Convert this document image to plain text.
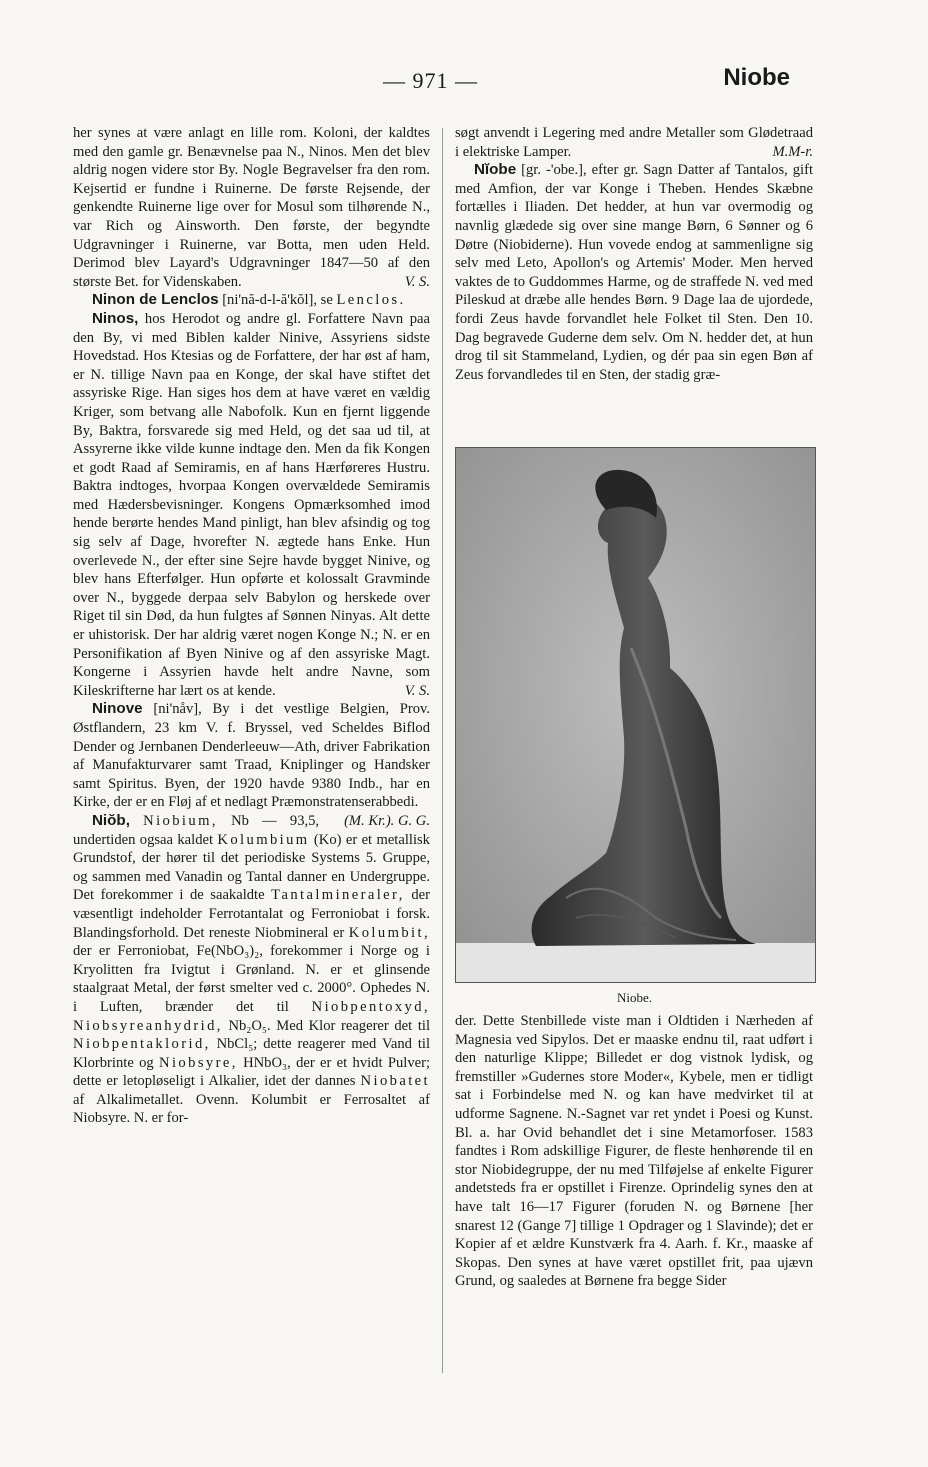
— 971 —	Niobe

her synes at være anlagt en lille rom. Koloni, der kaldtes med den gamle gr. Benævnelse paa N., Ninos. Men det blev aldrig nogen videre stor By. Nogle Begravelser fra den rom. Kejsertid er fundne i Ruinerne. De første Rejsende, der genkendte Ruinerne lige over for Mosul som tilhørende N., var Rich og Ainsworth. Den første, der begyndte Udgravninger i Ruinerne, var Botta, men uden Held. Derimod blev Layard's Udgravninger 1847—50 af den største Bet. for Videnskaben.	V. S.

Ninon de Lenclos [ni'nă-d-l-ă'kŏl], se Lenclos.

Ninos, hos Herodot og andre gl. Forfattere Navn paa den By, vi med Biblen kalder Ninive, Assyriens sidste Hovedstad. Hos Ktesias og de Forfattere, der har øst af ham, er N. tillige Navn paa en Konge, der skal have stiftet det assyriske Rige. Han siges hos dem at have været en vældig Kriger, som betvang alle Nabofolk. Kun en fjernt liggende By, Baktra, forsvarede sig med Held, og det saa ud til, at Assyrerne ikke vilde kunne indtage den. Men da fik Kongen et godt Raad af Semiramis, en af hans Hærføreres Hustru. Baktra indtoges, hvorpaa Kongen overvældede Semiramis med Hædersbevisninger. Kongens Opmærksomhed imod hende berørte hendes Mand pinligt, han blev afsindig og tog sig selv af Dage, hvorefter N. ægtede hans Enke. Hun overlevede N., der efter sine Sejre havde bygget Ninive, og blev hans Efterfølger. Hun opførte et kolossalt Gravminde over N., byggede derpaa selv Babylon og herskede over Riget til sin Død, da hun fulgtes af Sønnen Ninyas. Alt dette er uhistorisk. Der har aldrig været nogen Konge N.; N. er en Personifikation af Byen Ninive og af den assyriske Magt. Kongerne i Assyrien havde helt andre Navne, som Kileskrifterne har lært os at kende.	V. S.

Ninove [ni'nåv], By i det vestlige Belgien, Prov. Østflandern, 23 km V. f. Bryssel, ved Scheldes Biflod Dender og Jernbanen Denderleeuw—Ath, driver Fabrikation af Manufakturvarer samt Traad, Kniplinger og Handsker samt Spiritus. Byen, der 1920 havde 9380 Indb., har en Kirke, der er en Fløj af et nedlagt Præmonstratenserabbedi.
(M. Kr.). G. G.

Niŏb, Niobium, Nb — 93,5, undertiden ogsaa kaldet Kolumbium (Ko) er et metallisk Grundstof, der hører til det periodiske Systems 5. Gruppe, og sammen med Vanadin og Tantal danner en Undergruppe. Det forekommer i de saakaldte Tantalmineraler, der væsentligt indeholder Ferrotantalat og Ferroniobat i forsk. Blandingsforhold. Det reneste Niobmineral er Kolumbit, der er Ferroniobat, Fe(NbO₃)₂, forekommer i Norge og i Kryolitten fra Ivigtut i Grønland. N. er et glinsende staalgraat Metal, der først smelter ved c. 2000°. Ophedes N. i Luften, brænder det til Niobpentoxyd, Niobsyreanhydrid, Nb₂O₅. Med Klor reagerer det til Niobpentaklorid, NbCl₅; dette reagerer med Vand til Klorbrinte og Niobsyre, HNbO₃, der er et hvidt Pulver; dette er letopløseligt i Alkalier, idet der dannes Niobatet af Alkalimetallet. Ovenn. Kolumbit er Ferrosaltet af Niobsyre. N. er for-

søgt anvendt i Legering med andre Metaller som Glødetraad i elektriske Lamper.	M.M-r.

Nĭobe [gr. -'obe.], efter gr. Sagn Datter af Tantalos, gift med Amfion, der var Konge i Theben. Hendes Skæbne fortælles i Iliaden. Det hedder, at hun var overmodig og navnlig glædede sig over sine mange Børn, 6 Sønner og 6 Døtre (Niobiderne). Hun vovede endog at sammenligne sig selv med Leto, Apollon's og Artemis' Moder. Men herved vaktes de to Guddommes Harme, og de straffede N. ved med Pileskud at dræbe alle hendes Børn. 9 Dage laa de ujordede, fordi Zeus havde forvandlet hele Folket til Sten. Den 10. Dag begravede Guderne dem selv. Om N. hedder det, at hun drog til sit Stammeland, Lydien, og dér paa sin egen Bøn af Zeus forvandledes til en Sten, der stadig græ-

Niobe.

der. Dette Stenbillede viste man i Oldtiden i Nærheden af Magnesia ved Sipylos. Det er maaske endnu til, raat udført i den naturlige Klippe; Billedet er dog vistnok lydisk, og fremstiller »Gudernes store Moder«, Kybele, men er tidligt sat i Forbindelse med N. og kan have medvirket til at udforme Sagnene. N.-Sagnet var ret yndet i Poesi og Kunst. Bl. a. har Ovid behandlet det i sine Metamorfoser. 1583 fandtes i Rom adskillige Figurer, de fleste henhørende til en stor Niobidegruppe, der nu med Tilføjelse af enkelte Figurer andetsteds fra er opstillet i Firenze. Oprindelig synes den at have talt 16—17 Figurer (foruden N. og Børnene [her snarest 12 (Gange 7] tillige 1 Opdrager og 1 Slavinde); det er Kopier af et ældre Kunstværk fra 4. Aarh. f. Kr., maaske af Skopas. Den synes at have været opstillet frit, paa ujævn Grund, og saaledes at Børnene fra begge Sider
